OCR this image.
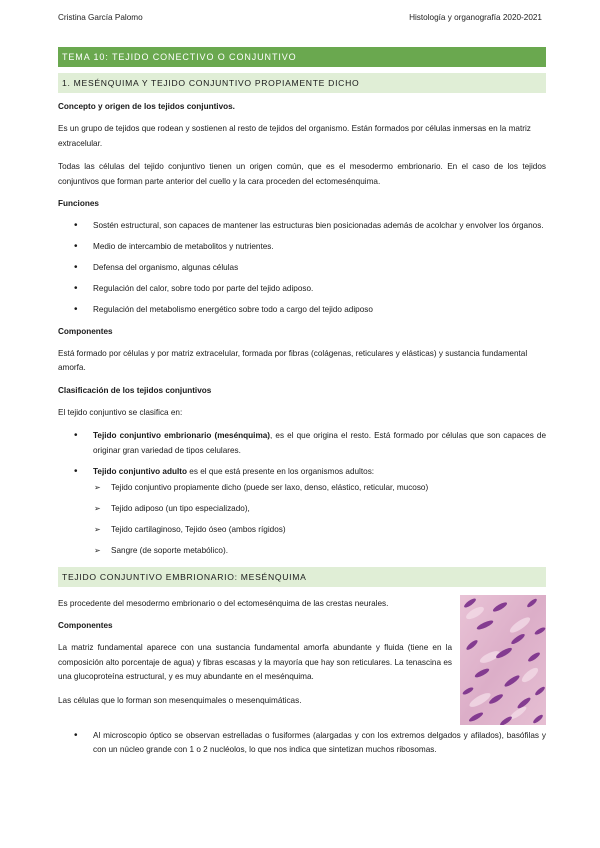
Cristina García Palomo	Histología y organografía 2020-2021
TEMA 10: TEJIDO CONECTIVO O CONJUNTIVO
1. MESÉNQUIMA Y TEJIDO CONJUNTIVO PROPIAMENTE DICHO
Concepto y origen de los tejidos conjuntivos.

Es un grupo de tejidos que rodean y sostienen al resto de tejidos del organismo. Están formados por células inmersas en la matriz extracelular.

Todas las células del tejido conjuntivo tienen un origen común, que es el mesodermo embrionario. En el caso de los tejidos conjuntivos que forman parte anterior del cuello y la cara proceden del ectomesénquima.

Funciones
• Sostén estructural, son capaces de mantener las estructuras bien posicionadas además de acolchar y envolver los órganos.
• Medio de intercambio de metabolitos y nutrientes.
• Defensa del organismo, algunas células
• Regulación del calor, sobre todo por parte del tejido adiposo.
• Regulación del metabolismo energético sobre todo a cargo del tejido adiposo
Componentes

Está formado por células y por matriz extracelular, formada por fibras (colágenas, reticulares y elásticas) y sustancia fundamental amorfa.

Clasificación de los tejidos conjuntivos

El tejido conjuntivo se clasifica en:

• Tejido conjuntivo embrionario (mesénquima), es el que origina el resto. Está formado por células que son capaces de originar gran variedad de tipos celulares.
• Tejido conjuntivo adulto es el que está presente en los organismos adultos:
➢ Tejido conjuntivo propiamente dicho (puede ser laxo, denso, elástico, reticular, mucoso)
➢ Tejido adiposo (un tipo especializado),
➢ Tejido cartilaginoso, Tejido óseo (ambos rígidos)
➢ Sangre (de soporte metabólico).
TEJIDO CONJUNTIVO EMBRIONARIO: MESÉNQUIMA

Es procedente del mesodermo embrionario o del ectomesénquima de las crestas neurales.

Componentes

La matriz fundamental aparece con una sustancia fundamental amorfa abundante y fluida (tiene en la composición alto porcentaje de agua) y fibras escasas y la mayoría que hay son reticulares. La tenascina es una glucoproteína estructural, y es muy abundante en el mesénquima.

Las células que lo forman son mesenquimales o mesenquimáticas.

• Al microscopio óptico se observan estrelladas o fusiformes (alargadas y con los extremos delgados y afilados), basófilas y con un núcleo grande con 1 o 2 nucléolos, lo que nos indica que sintetizan muchos ribosomas.
